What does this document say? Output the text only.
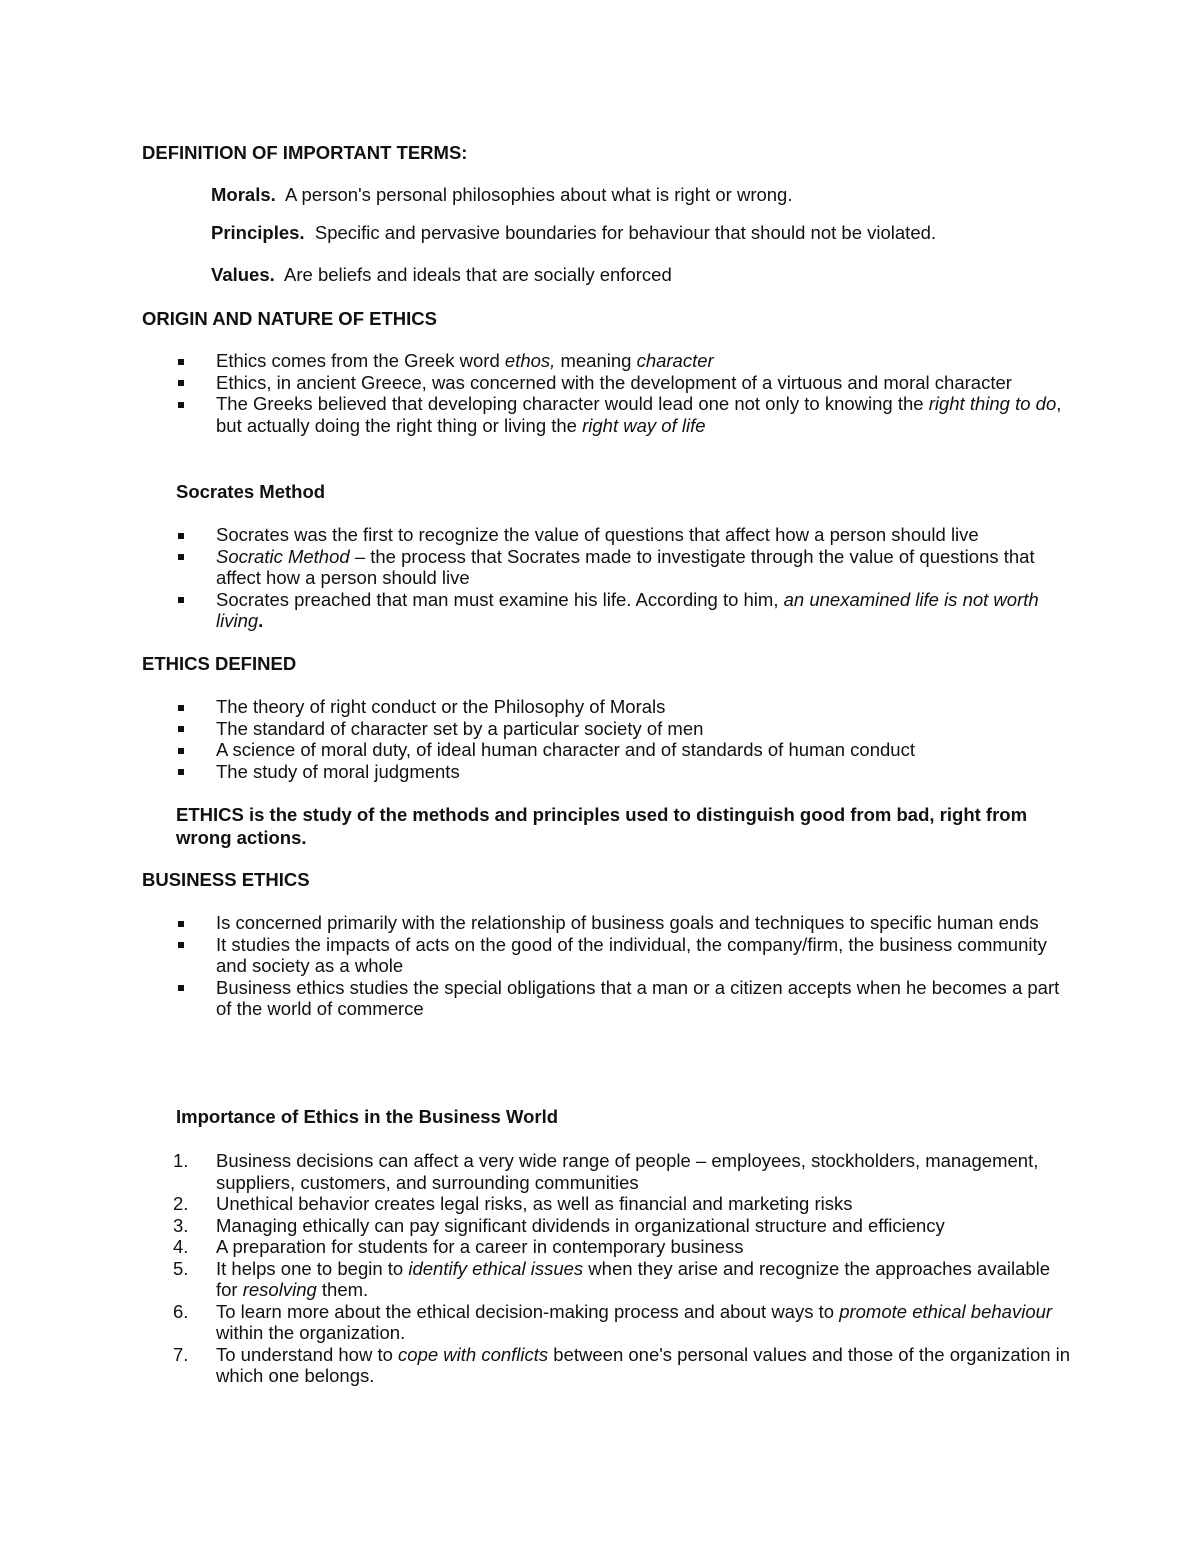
DEFINITION OF IMPORTANT TERMS:

Morals. A person's personal philosophies about what is right or wrong.

Principles. Specific and pervasive boundaries for behaviour that should not be violated.

Values. Are beliefs and ideals that are socially enforced

ORIGIN AND NATURE OF ETHICS
Ethics comes from the Greek word ethos, meaning character
Ethics, in ancient Greece, was concerned with the development of a virtuous and moral character
The Greeks believed that developing character would lead one not only to knowing the right thing to do, but actually doing the right thing or living the right way of life
Socrates Method
Socrates was the first to recognize the value of questions that affect how a person should live
Socratic Method – the process that Socrates made to investigate through the value of questions that affect how a person should live
Socrates preached that man must examine his life. According to him, an unexamined life is not worth living.
ETHICS DEFINED
The theory of right conduct or the Philosophy of Morals
The standard of character set by a particular society of men
A science of moral duty, of ideal human character and of standards of human conduct
The study of moral judgments
ETHICS is the study of the methods and principles used to distinguish good from bad, right from wrong actions.
BUSINESS ETHICS
Is concerned primarily with the relationship of business goals and techniques to specific human ends
It studies the impacts of acts on the good of the individual, the company/firm, the business community and society as a whole
Business ethics studies the special obligations that a man or a citizen accepts when he becomes a part of the world of commerce
Importance of Ethics in the Business World
1. Business decisions can affect a very wide range of people – employees, stockholders, management, suppliers, customers, and surrounding communities
2. Unethical behavior creates legal risks, as well as financial and marketing risks
3. Managing ethically can pay significant dividends in organizational structure and efficiency
4. A preparation for students for a career in contemporary business
5. It helps one to begin to identify ethical issues when they arise and recognize the approaches available for resolving them.
6. To learn more about the ethical decision-making process and about ways to promote ethical behaviour within the organization.
7. To understand how to cope with conflicts between one's personal values and those of the organization in which one belongs.
